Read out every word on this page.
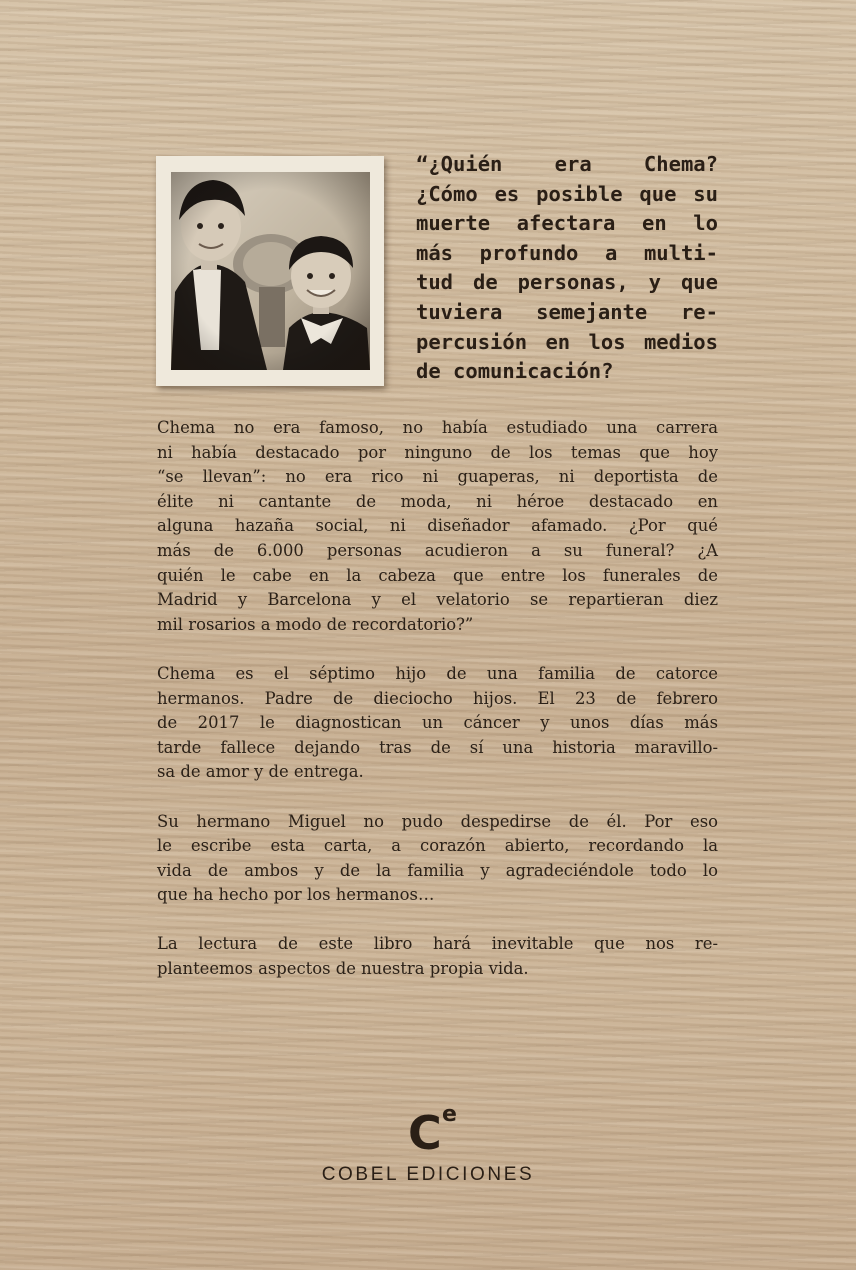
“¿Quién era Chema?
¿Cómo es posible que su
muerte afectara en lo
más profundo a multi-
tud de personas, y que
tuviera semejante re-
percusión en los medios
de comunicación?

Chema no era famoso, no había estudiado una carrera
ni había destacado por ninguno de los temas que hoy
“se llevan”: no era rico ni guaperas, ni deportista de
élite ni cantante de moda, ni héroe destacado en
alguna hazaña social, ni diseñador afamado. ¿Por qué
más de 6.000 personas acudieron a su funeral? ¿A
quién le cabe en la cabeza que entre los funerales de
Madrid y Barcelona y el velatorio se repartieran diez
mil rosarios a modo de recordatorio?”
Chema es el séptimo hijo de una familia de catorce
hermanos. Padre de dieciocho hijos. El 23 de febrero
de 2017 le diagnostican un cáncer y unos días más
tarde fallece dejando tras de sí una historia maravillo-
sa de amor y de entrega.
Su hermano Miguel no pudo despedirse de él. Por eso
le escribe esta carta, a corazón abierto, recordando la
vida de ambos y de la familia y agradeciéndole todo lo
que ha hecho por los hermanos…
La lectura de este libro hará inevitable que nos re-
planteemos aspectos de nuestra propia vida.
C e
COBEL EDICIONES
